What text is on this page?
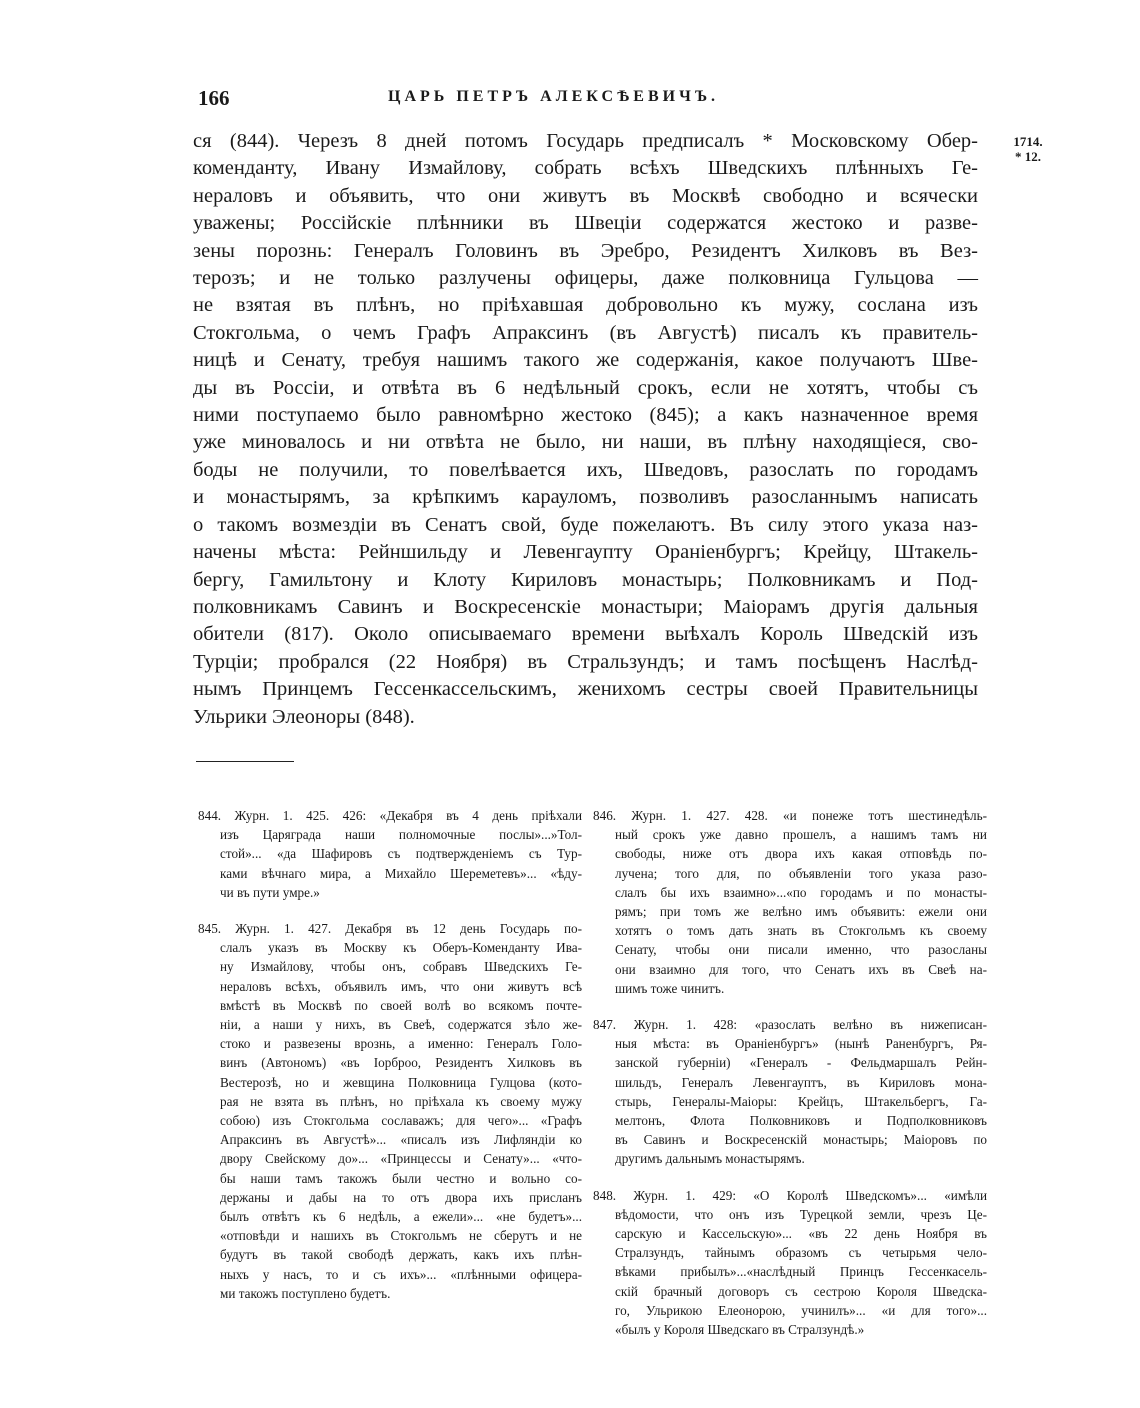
166	ЦАРЬ ПЕТРЪ АЛЕКСѢЕВИЧЪ.
1714.
* 12.
ся (844). Черезъ 8 дней потомъ Государь предписалъ * Московскому Обер-
коменданту, Ивану Измайлову, собрать всѣхъ Шведскихъ плѣнныхъ Ге-
нераловъ и объявить, что они живутъ въ Москвѣ свободно и всячески
уважены; Россійскіе плѣнники въ Швеціи содержатся жестоко и разве-
зены порознь: Генералъ Головинъ въ Эребро, Резидентъ Хилковъ въ Вез-
терозъ; и не только разлучены офицеры, даже полковница Гульцова —
не взятая въ плѣнъ, но пріѣхавшая добровольно къ мужу, сослана изъ
Стокгольма, о чемъ Графъ Апраксинъ (въ Августѣ) писалъ къ правитель-
ницѣ и Сенату, требуя нашимъ такого же содержанія, какое получаютъ Шве-
ды въ Россіи, и отвѣта въ 6 недѣльный срокъ, если не хотятъ, чтобы съ
ними поступаемо было равномѣрно жестоко (845); а какъ назначенное время
уже миновалось и ни отвѣта не было, ни наши, въ плѣну находящіеся, сво-
боды не получили, то повелѣвается ихъ, Шведовъ, разослать по городамъ
и монастырямъ, за крѣпкимъ карауломъ, позволивъ разосланнымъ написать
о такомъ возмездіи въ Сенатъ свой, буде пожелаютъ. Въ силу этого указа наз-
начены мѣста: Рейншильду и Левенгаупту Ораніенбургъ; Крейцу, Штакель-
бергу, Гамильтону и Клоту Кириловъ монастырь; Полковникамъ и Под-
полковникамъ Савинъ и Воскресенскіе монастыри; Маіорамъ другія дальныя
обители (817). Около описываемаго времени выѣхалъ Король Шведскій изъ
Турціи; пробрался (22 Ноября) въ Стральзундъ; и тамъ посѣщенъ Наслѣд-
нымъ Принцемъ Гессенкассельскимъ, женихомъ сестры своей Правительницы
Ульрики Элеоноры (848).
844. Журн. 1. 425. 426: «Декабря въ 4 день пріѣхали
изъ Царяграда наши полномочные послы»...»Тол-
стой»... «да Шафировъ съ подтвержденіемъ съ Тур-
ками вѣчнаго мира, а Михайло Шереметевъ»... «ѣду-
чи въ пути умре.»
845. Журн. 1. 427. Декабря въ 12 день Государь по-
слалъ указъ въ Москву къ Оберъ-Коменданту Ива-
ну Измайлову, чтобы онъ, собравъ Шведскихъ Ге-
нераловъ всѣхъ, объявилъ имъ, что они живутъ всѣ
вмѣстѣ въ Москвѣ по своей волѣ во всякомъ почте-
ніи, а наши у нихъ, въ Свеѣ, содержатся зѣло же-
стоко и развезены врознь, а именно: Генералъ Голо-
винъ (Автономъ) «въ Іорброо, Резидентъ Хилковъ въ
Вестерозѣ, но и жевщина Полковница Гулцова (кото-
рая не взята въ плѣнъ, но пріѣхала къ своему мужу
собою) изъ Стокгольма сославажъ; для чего»... «Графъ
Апраксинъ въ Августѣ»... «писалъ изъ Лифляндіи ко
двору Свейскому до»... «Принцессы и Сенату»... «что-
бы наши тамъ такожъ были честно и вольно со-
держаны и дабы на то отъ двора ихъ присланъ
былъ отвѣтъ къ 6 недѣль, а ежели»... «не будетъ»...
«отповѣди и нашихъ въ Стокгольмъ не сберутъ и не
будутъ въ такой свободѣ держать, какъ ихъ плѣн-
ныхъ у насъ, то и съ ихъ»... «плѣнными офицера-
ми такожъ поступлено будетъ.
846. Журн. 1. 427. 428. «и понеже тотъ шестинедѣль-
ный срокъ уже давно прошелъ, а нашимъ тамъ ни
свободы, ниже отъ двора ихъ какая отповѣдь по-
лучена; того для, по объявленіи того указа разо-
слалъ бы ихъ взаимно»...«по городамъ и по монасты-
рямъ; при томъ же велѣно имъ объявить: ежели они
хотятъ о томъ дать знать въ Стокгольмъ къ своему
Сенату, чтобы они писали именно, что разосланы
они взаимно для того, что Сенатъ ихъ въ Свеѣ на-
шимъ тоже чинитъ.
847. Журн. 1. 428: «разослать велѣно въ нижеписан-
ныя мѣста: въ Ораніенбургъ» (нынѣ Раненбургъ, Ря-
занской губерніи) «Генералъ - Фельдмаршалъ Рейн-
шильдъ, Генералъ Левенгауптъ, въ Кириловъ мона-
стырь, Генералы-Маіоры: Крейцъ, Штакельбергъ, Га-
мелтонъ, Флота Полковниковъ и Подполковниковъ
въ Савинъ и Воскресенскій монастырь; Маіоровъ по
другимъ дальнымъ монастырямъ.
848. Журн. 1. 429: «О Королѣ Шведскомъ»... «имѣли
вѣдомости, что онъ изъ Турецкой земли, чрезъ Це-
сарскую и Кассельскую»... «въ 22 день Ноября въ
Стралзундъ, тайнымъ образомъ съ четырьмя чело-
вѣками прибылъ»...«наслѣдный Принцъ Гессенкасель-
скій брачный договоръ съ сестрою Короля Шведска-
го, Ульрикою Елеонорою, учинилъ»... «и для того»...
«былъ у Короля Шведскаго въ Стралзундѣ.»
